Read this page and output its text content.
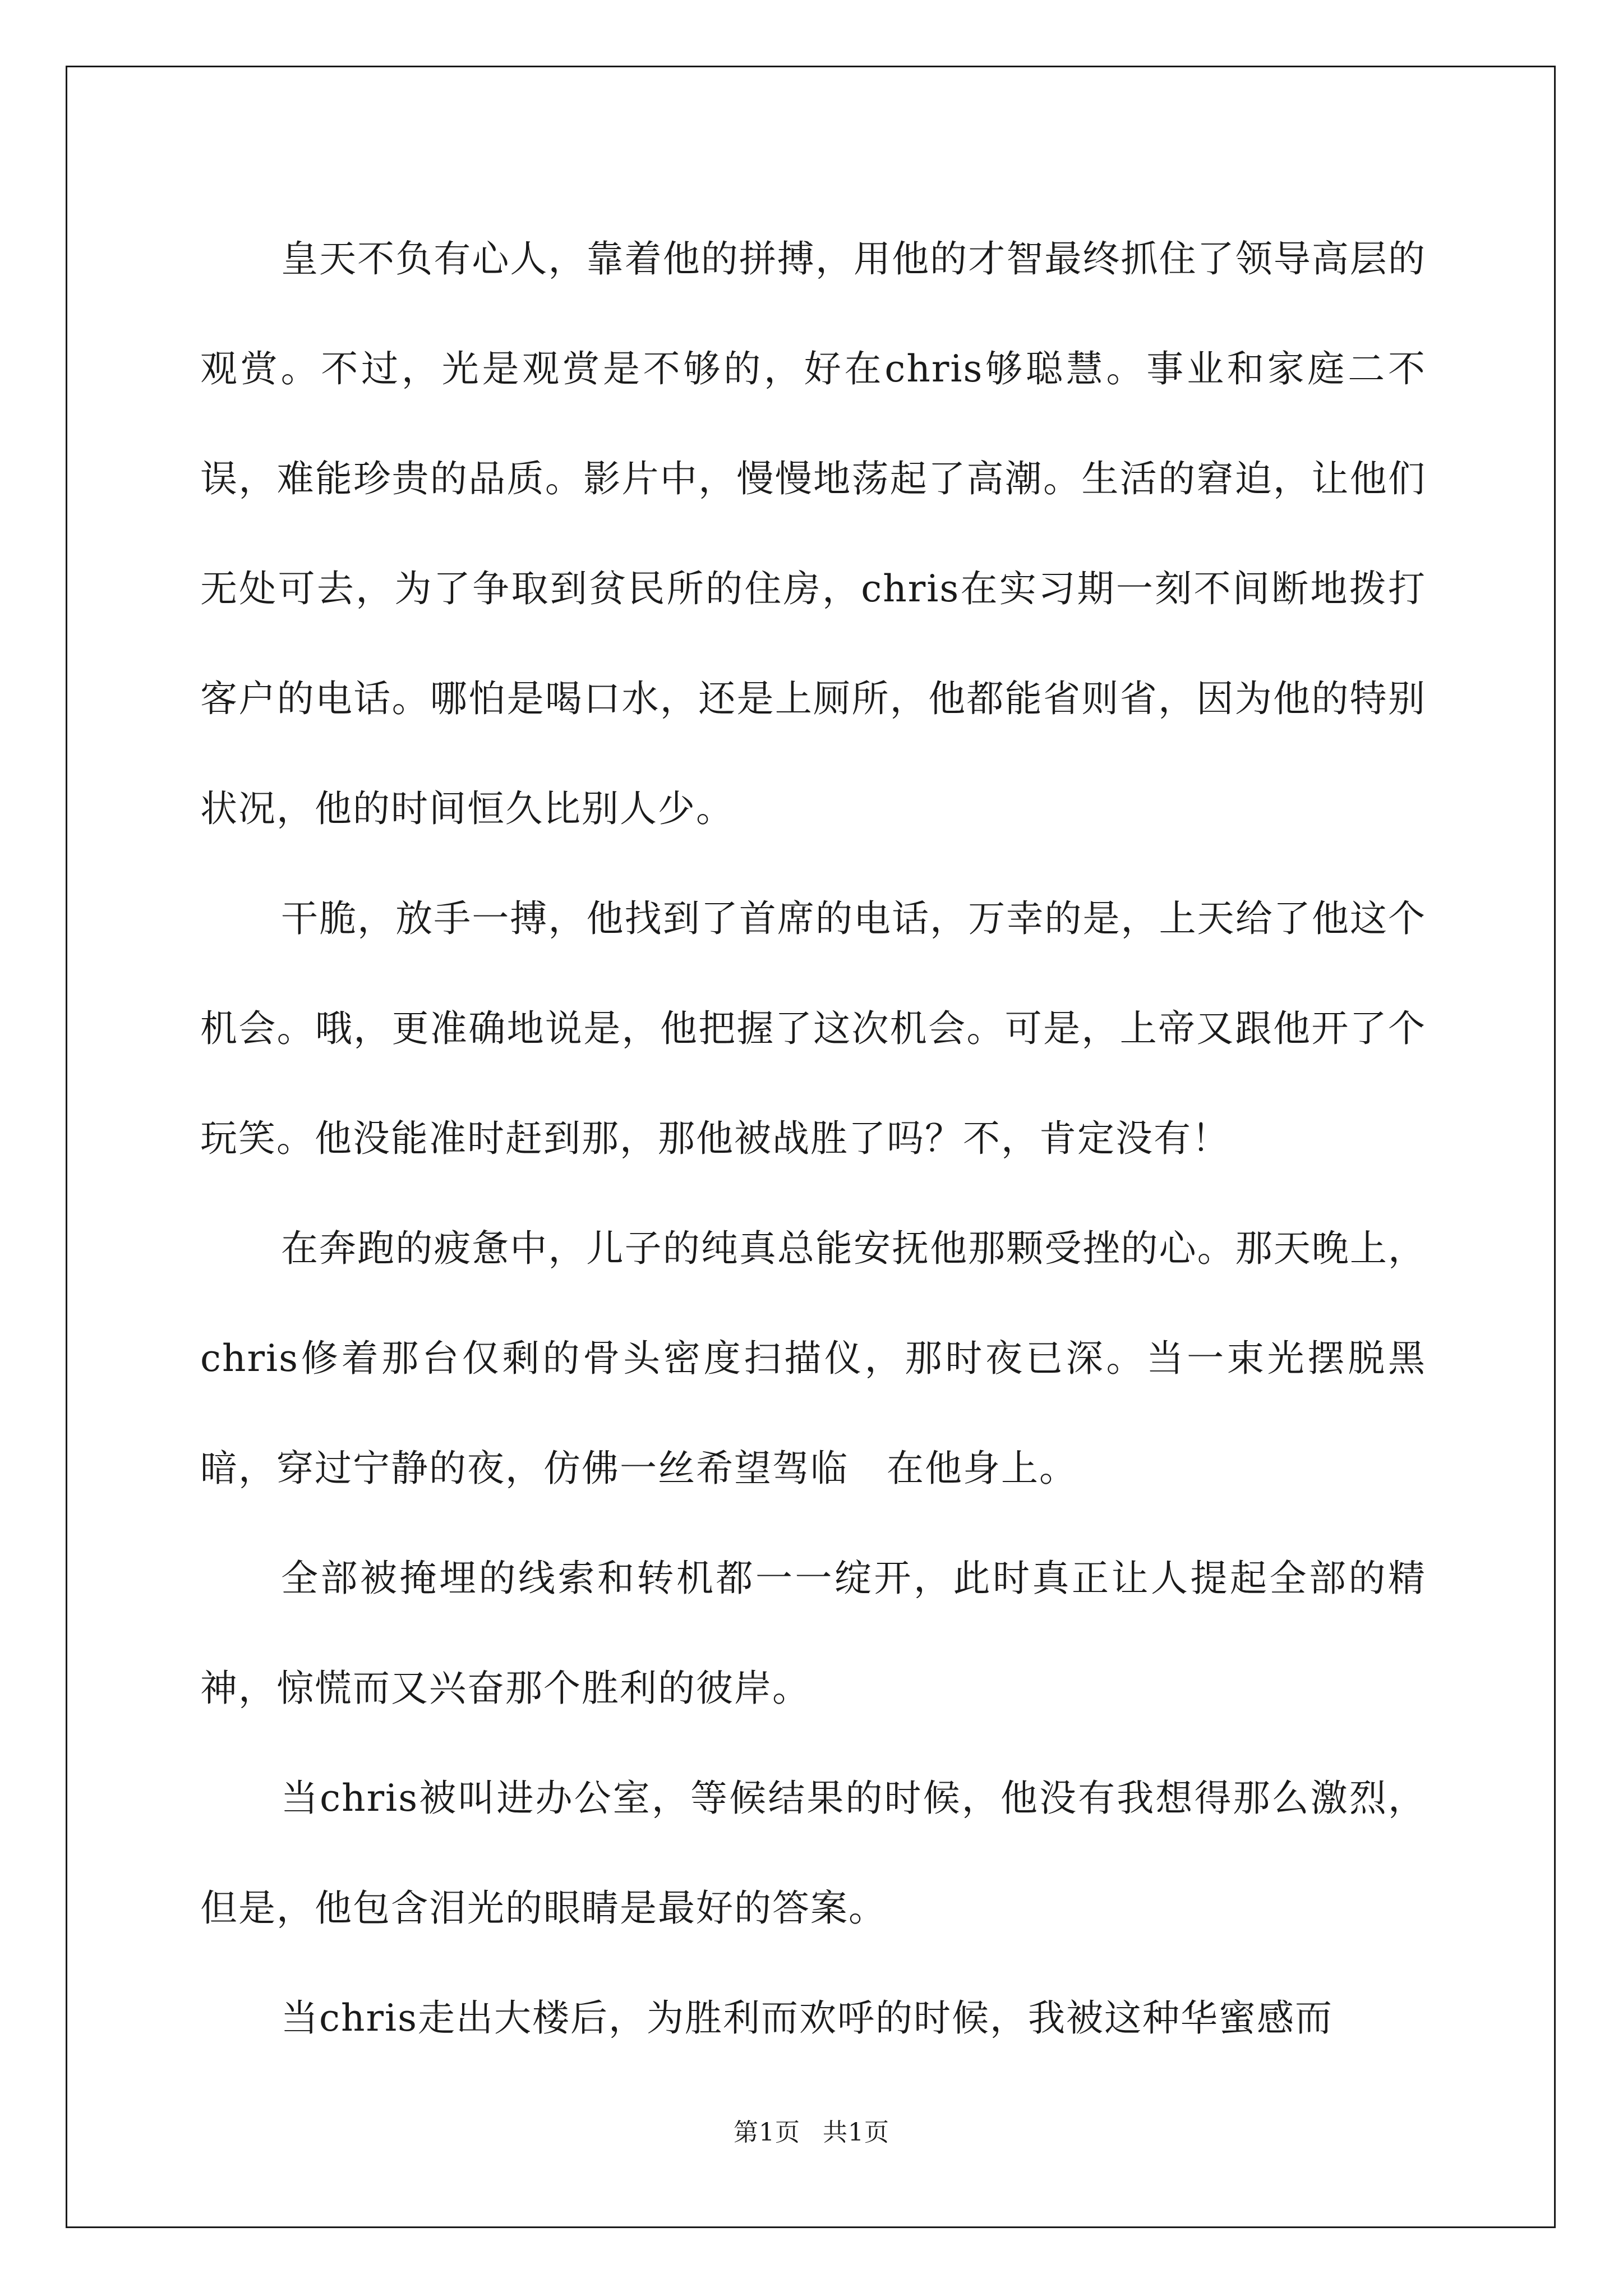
皇天不负有心人，靠着他的拼搏，用他的才智最终抓住了领导高层的观赏。不过，光是观赏是不够的，好在chris够聪慧。事业和家庭二不误，难能珍贵的品质。影片中，慢慢地荡起了高潮。生活的窘迫，让他们无处可去，为了争取到贫民所的住房，chris在实习期一刻不间断地拨打客户的电话。哪怕是喝口水，还是上厕所，他都能省则省，因为他的特别状况，他的时间恒久比别人少。

干脆，放手一搏，他找到了首席的电话，万幸的是，上天给了他这个机会。哦，更准确地说是，他把握了这次机会。可是，上帝又跟他开了个玩笑。他没能准时赶到那，那他被战胜了吗？不，肯定没有！

在奔跑的疲惫中，儿子的纯真总能安抚他那颗受挫的心。那天晚上，chris修着那台仅剩的骨头密度扫描仪，那时夜已深。当一束光摆脱黑暗，穿过宁静的夜，仿佛一丝希望驾临　在他身上。

全部被掩埋的线索和转机都一一绽开，此时真正让人提起全部的精神，惊慌而又兴奋那个胜利的彼岸。

当chris被叫进办公室，等候结果的时候，他没有我想得那么激烈，但是，他包含泪光的眼睛是最好的答案。

当chris走出大楼后，为胜利而欢呼的时候，我被这种华蜜感而

第1页 共1页
